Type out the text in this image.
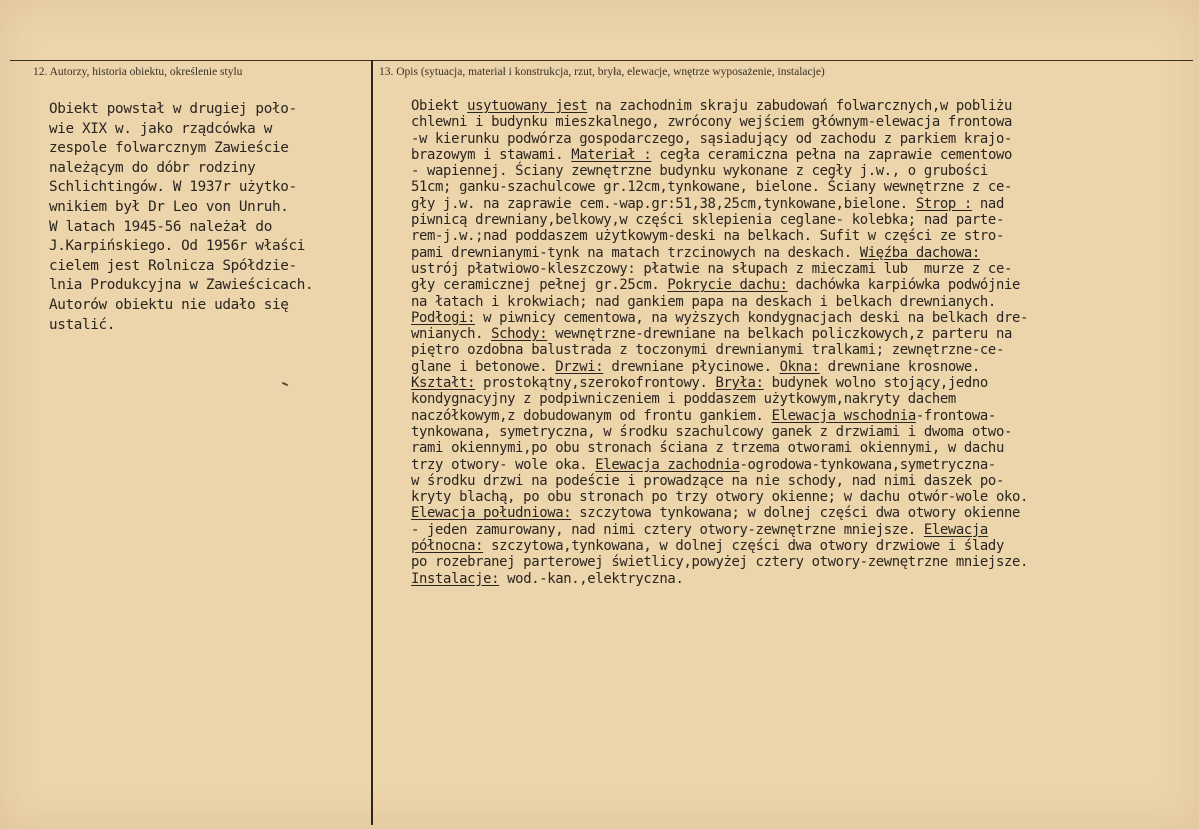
12. Autorzy, historia obiektu, określenie stylu	13. Opis (sytuacja, materiał i konstrukcja, rzut, bryła, elewacje, wnętrze wyposażenie, instalacje)
Obiekt powstał w drugiej poło-
wie XIX w. jako rządcówka w
zespole folwarcznym Zawieście
należącym do dóbr rodziny
Schlichtingów. W 1937r użytko-
wnikiem był Dr Leo von Unruh.
W latach 1945-56 należał do
J.Karpińskiego. Od 1956r właści
cielem jest Rolnicza Spółdzie-
lnia Produkcyjna w Zawieścicach.
Autorów obiektu nie udało się
ustalić.
Obiekt usytuowany jest na zachodnim skraju zabudowań folwarcznych,w pobliżu
chlewni i budynku mieszkalnego, zwrócony wejściem głównym-elewacja frontowa
-w kierunku podwórza gospodarczego, sąsiadujący od zachodu z parkiem krajo-
brazowym i stawami. Materiał : cegła ceramiczna pełna na zaprawie cementowo
- wapiennej. Ściany zewnętrzne budynku wykonane z cegły j.w., o grubości
51cm; ganku-szachulcowe gr.12cm,tynkowane, bielone. Ściany wewnętrzne z ce-
gły j.w. na zaprawie cem.-wap.gr:51,38,25cm,tynkowane,bielone. Strop : nad
piwnicą drewniany,belkowy,w części sklepienia ceglane- kolebka; nad parte-
rem-j.w.;nad poddaszem użytkowym-deski na belkach. Sufit w części ze stro-
pami drewnianymi-tynk na matach trzcinowych na deskach. Więźba dachowa:
ustrój płatwiowo-kleszczowy: płatwie na słupach z mieczami lub  murze z ce-
gły ceramicznej pełnej gr.25cm. Pokrycie dachu: dachówka karpiówka podwójnie
na łatach i krokwiach; nad gankiem papa na deskach i belkach drewnianych.
Podłogi: w piwnicy cementowa, na wyższych kondygnacjach deski na belkach dre-
wnianych. Schody: wewnętrzne-drewniane na belkach policzkowych,z parteru na
piętro ozdobna balustrada z toczonymi drewnianymi tralkami; zewnętrzne-ce-
glane i betonowe. Drzwi: drewniane płycinowe. Okna: drewniane krosnowe.
Kształt: prostokątny,szerokofrontowy. Bryła: budynek wolno stojący,jedno
kondygnacyjny z podpiwniczeniem i poddaszem użytkowym,nakryty dachem
naczółkowym,z dobudowanym od frontu gankiem. Elewacja wschodnia-frontowa-
tynkowana, symetryczna, w środku szachulcowy ganek z drzwiami i dwoma otwo-
rami okiennymi,po obu stronach ściana z trzema otworami okiennymi, w dachu
trzy otwory- wole oka. Elewacja zachodnia-ogrodowa-tynkowana,symetryczna-
w środku drzwi na podeście i prowadzące na nie schody, nad nimi daszek po-
kryty blachą, po obu stronach po trzy otwory okienne; w dachu otwór-wole oko.
Elewacja południowa: szczytowa tynkowana; w dolnej części dwa otwory okienne
- jeden zamurowany, nad nimi cztery otwory-zewnętrzne mniejsze. Elewacja
północna: szczytowa,tynkowana, w dolnej części dwa otwory drzwiowe i ślady
po rozebranej parterowej świetlicy,powyżej cztery otwory-zewnętrzne mniejsze.
Instalacje: wod.-kan.,elektryczna.
